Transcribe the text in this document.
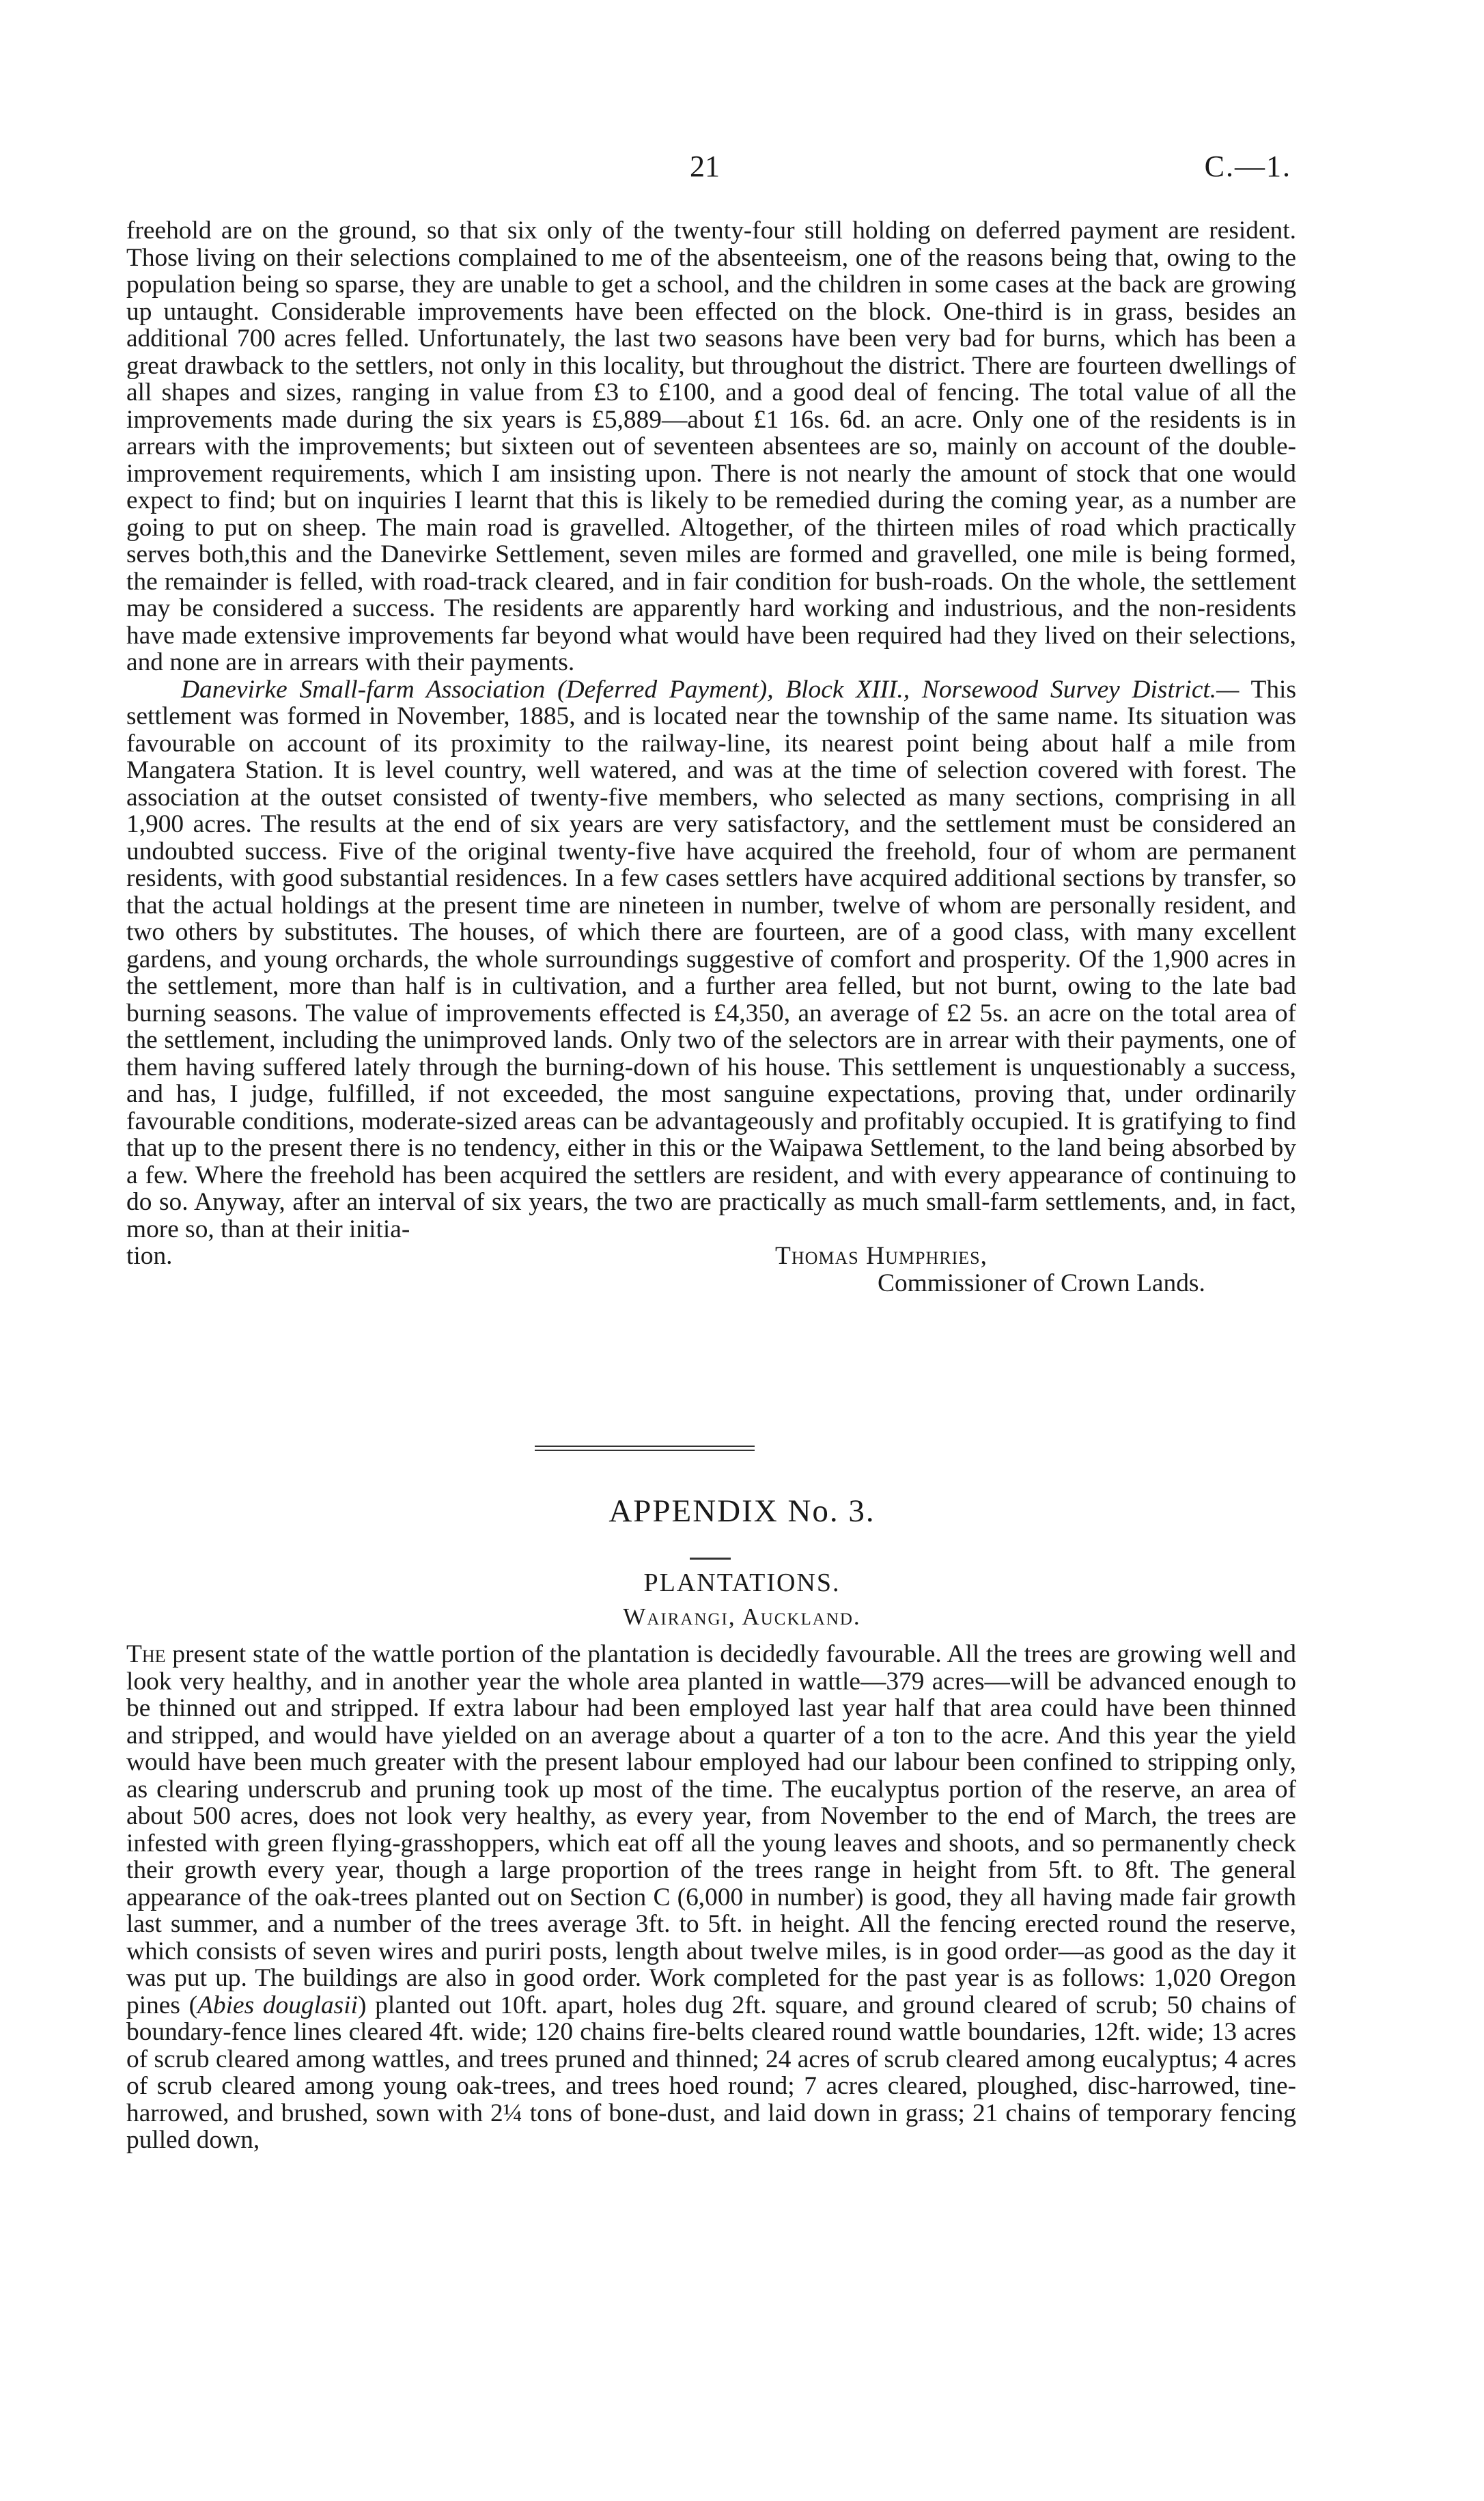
21	C.—1.

freehold are on the ground, so that six only of the twenty-four still holding on deferred payment are resident. Those living on their selections complained to me of the absenteeism, one of the reasons being that, owing to the population being so sparse, they are unable to get a school, and the children in some cases at the back are growing up untaught. Considerable improvements have been effected on the block. One-third is in grass, besides an additional 700 acres felled. Unfortunately, the last two seasons have been very bad for burns, which has been a great drawback to the settlers, not only in this locality, but throughout the district. There are fourteen dwellings of all shapes and sizes, ranging in value from £3 to £100, and a good deal of fencing. The total value of all the improvements made during the six years is £5,889—about £1 16s. 6d. an acre. Only one of the residents is in arrears with the improvements; but sixteen out of seventeen absentees are so, mainly on account of the double-improvement requirements, which I am insisting upon. There is not nearly the amount of stock that one would expect to find; but on inquiries I learnt that this is likely to be remedied during the coming year, as a number are going to put on sheep. The main road is gravelled. Altogether, of the thirteen miles of road which practically serves both,this and the Danevirke Settlement, seven miles are formed and gravelled, one mile is being formed, the remainder is felled, with road-track cleared, and in fair condition for bush-roads. On the whole, the settlement may be considered a success. The residents are apparently hard working and industrious, and the non-residents have made extensive improvements far beyond what would have been required had they lived on their selections, and none are in arrears with their payments.

Danevirke Small-farm Association (Deferred Payment), Block XIII., Norsewood Survey District.— This settlement was formed in November, 1885, and is located near the township of the same name. Its situation was favourable on account of its proximity to the railway-line, its nearest point being about half a mile from Mangatera Station. It is level country, well watered, and was at the time of selection covered with forest. The association at the outset consisted of twenty-five members, who selected as many sections, comprising in all 1,900 acres. The results at the end of six years are very satisfactory, and the settlement must be considered an undoubted success. Five of the original twenty-five have acquired the freehold, four of whom are permanent residents, with good substantial residences. In a few cases settlers have acquired additional sections by transfer, so that the actual holdings at the present time are nineteen in number, twelve of whom are personally resident, and two others by substitutes. The houses, of which there are fourteen, are of a good class, with many excellent gardens, and young orchards, the whole surroundings suggestive of comfort and prosperity. Of the 1,900 acres in the settlement, more than half is in cultivation, and a further area felled, but not burnt, owing to the late bad burning seasons. The value of improvements effected is £4,350, an average of £2 5s. an acre on the total area of the settlement, including the unimproved lands. Only two of the selectors are in arrear with their payments, one of them having suffered lately through the burning-down of his house. This settlement is unquestionably a success, and has, I judge, fulfilled, if not exceeded, the most sanguine expectations, proving that, under ordinarily favourable conditions, moderate-sized areas can be advantageously and profitably occupied. It is gratifying to find that up to the present there is no tendency, either in this or the Waipawa Settlement, to the land being absorbed by a few. Where the freehold has been acquired the settlers are resident, and with every appearance of continuing to do so. Anyway, after an interval of six years, the two are practically as much small-farm settlements, and, in fact, more so, than at their initia-

tion.	Thomas Humphries,
Commissioner of Crown Lands.
APPENDIX No. 3.
PLANTATIONS.
Wairangi, Auckland.

The present state of the wattle portion of the plantation is decidedly favourable. All the trees are growing well and look very healthy, and in another year the whole area planted in wattle—379 acres—will be advanced enough to be thinned out and stripped. If extra labour had been employed last year half that area could have been thinned and stripped, and would have yielded on an average about a quarter of a ton to the acre. And this year the yield would have been much greater with the present labour employed had our labour been confined to stripping only, as clearing underscrub and pruning took up most of the time. The eucalyptus portion of the reserve, an area of about 500 acres, does not look very healthy, as every year, from November to the end of March, the trees are infested with green flying-grasshoppers, which eat off all the young leaves and shoots, and so permanently check their growth every year, though a large proportion of the trees range in height from 5ft. to 8ft. The general appearance of the oak-trees planted out on Section C (6,000 in number) is good, they all having made fair growth last summer, and a number of the trees average 3ft. to 5ft. in height. All the fencing erected round the reserve, which consists of seven wires and puriri posts, length about twelve miles, is in good order—as good as the day it was put up. The buildings are also in good order. Work completed for the past year is as follows: 1,020 Oregon pines (Abies douglasii) planted out 10ft. apart, holes dug 2ft. square, and ground cleared of scrub; 50 chains of boundary-fence lines cleared 4ft. wide; 120 chains fire-belts cleared round wattle boundaries, 12ft. wide; 13 acres of scrub cleared among wattles, and trees pruned and thinned; 24 acres of scrub cleared among eucalyptus; 4 acres of scrub cleared among young oak-trees, and trees hoed round; 7 acres cleared, ploughed, disc-harrowed, tine-harrowed, and brushed, sown with 2¼ tons of bone-dust, and laid down in grass; 21 chains of temporary fencing pulled down,
